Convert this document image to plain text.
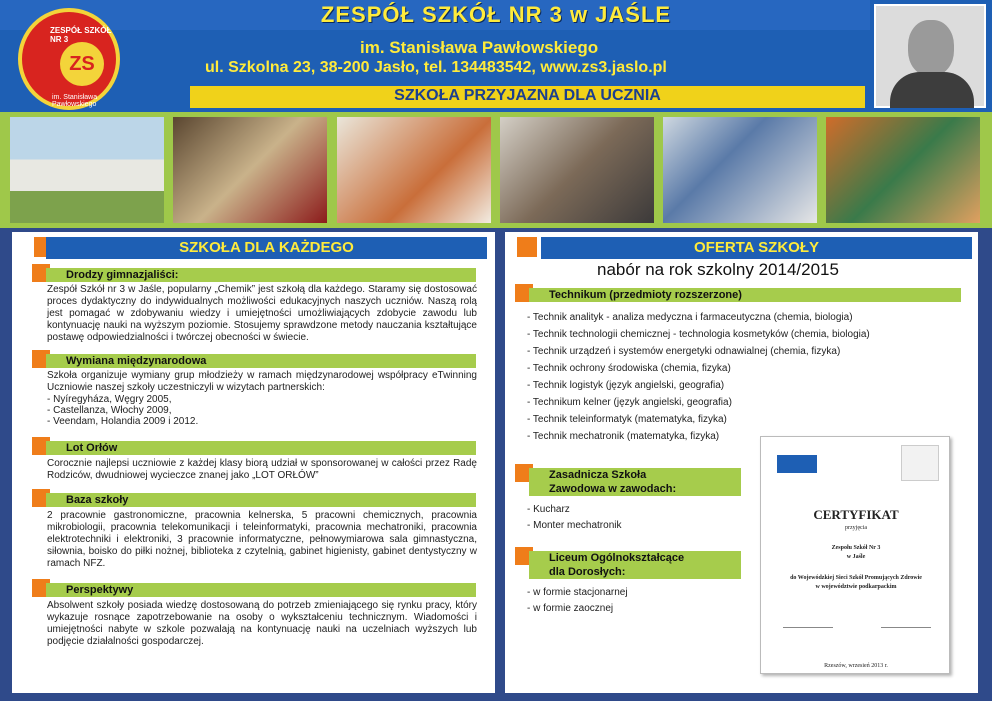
ZESPÓŁ SZKÓŁ NR 3 w JAŚLE
im. Stanisława Pawłowskiego
ul. Szkolna 23, 38-200 Jasło, tel. 134483542, www.zs3.jaslo.pl
SZKOŁA PRZYJAZNA DLA UCZNIA
ZESPÓŁ SZKÓŁ NR 3
ZS
im. Stanisława Pawłowskiego
SZKOŁA DLA KAŻDEGO
Drodzy gimnazjaliści:
Zespół Szkół nr 3 w Jaśle, popularny „Chemik” jest szkołą dla każdego. Staramy się dostosować proces dydaktyczny do indywidualnych możliwości edukacyjnych naszych uczniów. Naszą rolą jest pomagać w zdobywaniu wiedzy i umiejętności umożliwiających zdobycie zawodu lub kontynuację nauki na wyższym poziomie. Stosujemy sprawdzone metody nauczania kształtujące postawę odpowiedzialności i twórczej obecności w świecie.
Wymiana międzynarodowa
Szkoła organizuje wymiany grup młodzieży w ramach międzynarodowej współpracy eTwinning Uczniowie naszej szkoły uczestniczyli w wizytach partnerskich:
- Nyíregyháza, Węgry 2005,
- Castellanza, Włochy 2009,
- Veendam, Holandia 2009 i 2012.
Lot Orłów
Corocznie najlepsi uczniowie z każdej klasy biorą udział w sponsorowanej w całości przez Radę Rodziców, dwudniowej wycieczce znanej jako „LOT ORŁÓW”
Baza szkoły
2 pracownie gastronomiczne, pracownia kelnerska, 5 pracowni chemicznych, pracownia mikrobiologii, pracownia telekomunikacji i teleinformatyki, pracownia mechatroniki, pracownia elektrotechniki i elektroniki, 3 pracownie informatyczne, pełnowymiarowa sala gimnastyczna, siłownia, boisko do piłki nożnej, biblioteka z czytelnią, gabinet higienisty, gabinet dentystyczny w ramach NFZ.
Perspektywy
Absolwent szkoły posiada wiedzę dostosowaną do potrzeb zmieniającego się rynku pracy, który wykazuje rosnące zapotrzebowanie na osoby o wykształceniu technicznym. Wiadomości i umiejętności nabyte w szkole pozwalają na kontynuację nauki na uczelniach wyższych lub podjęcie działalności gospodarczej.
OFERTA SZKOŁY
nabór na rok szkolny 2014/2015
Technikum (przedmioty rozszerzone)
- Technik analityk - analiza medyczna i farmaceutyczna (chemia, biologia)
- Technik technologii chemicznej - technologia kosmetyków (chemia, biologia)
- Technik urządzeń i systemów energetyki odnawialnej (chemia, fizyka)
- Technik ochrony środowiska (chemia, fizyka)
- Technik logistyk (język angielski, geografia)
- Technikum kelner (język angielski, geografia)
- Technik teleinformatyk (matematyka, fizyka)
- Technik mechatronik (matematyka, fizyka)
Zasadnicza Szkoła
Zawodowa w zawodach:
- Kucharz
- Monter mechatronik
Liceum Ogólnokształcące
dla Dorosłych:
- w formie stacjonarnej
- w formie zaocznej
CERTYFIKAT
przyjęcia
Zespołu Szkół Nr 3
w Jaśle
do Wojewódzkiej Sieci Szkół Promujących Zdrowie
w województwie podkarpackim
Rzeszów, wrzesień 2013 r.
